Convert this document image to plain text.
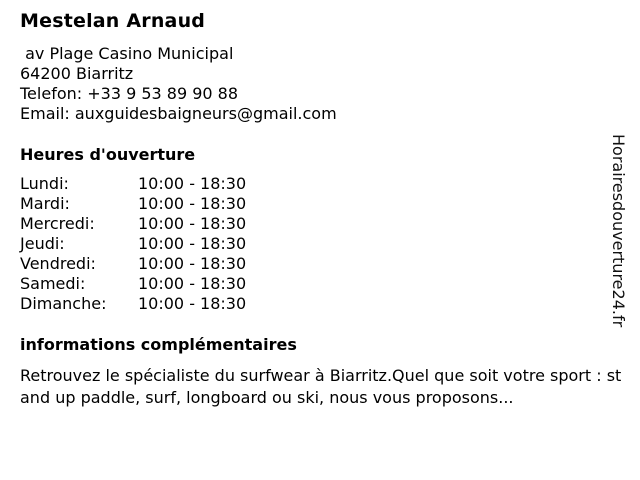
Mestelan Arnaud
av Plage Casino Municipal
64200 Biarritz
Telefon: +33 9 53 89 90 88
Email: auxguidesbaigneurs@gmail.com
Heures d'ouverture
Lundi:	10:00 - 18:30
Mardi:	10:00 - 18:30
Mercredi:	10:00 - 18:30
Jeudi:	10:00 - 18:30
Vendredi:	10:00 - 18:30
Samedi:	10:00 - 18:30
Dimanche:	10:00 - 18:30
informations complémentaires
Retrouvez le spécialiste du surfwear à Biarritz.Quel que soit votre sport : stand up paddle, surf, longboard ou ski, nous vous proposons...
Horairesdouverture24.fr
